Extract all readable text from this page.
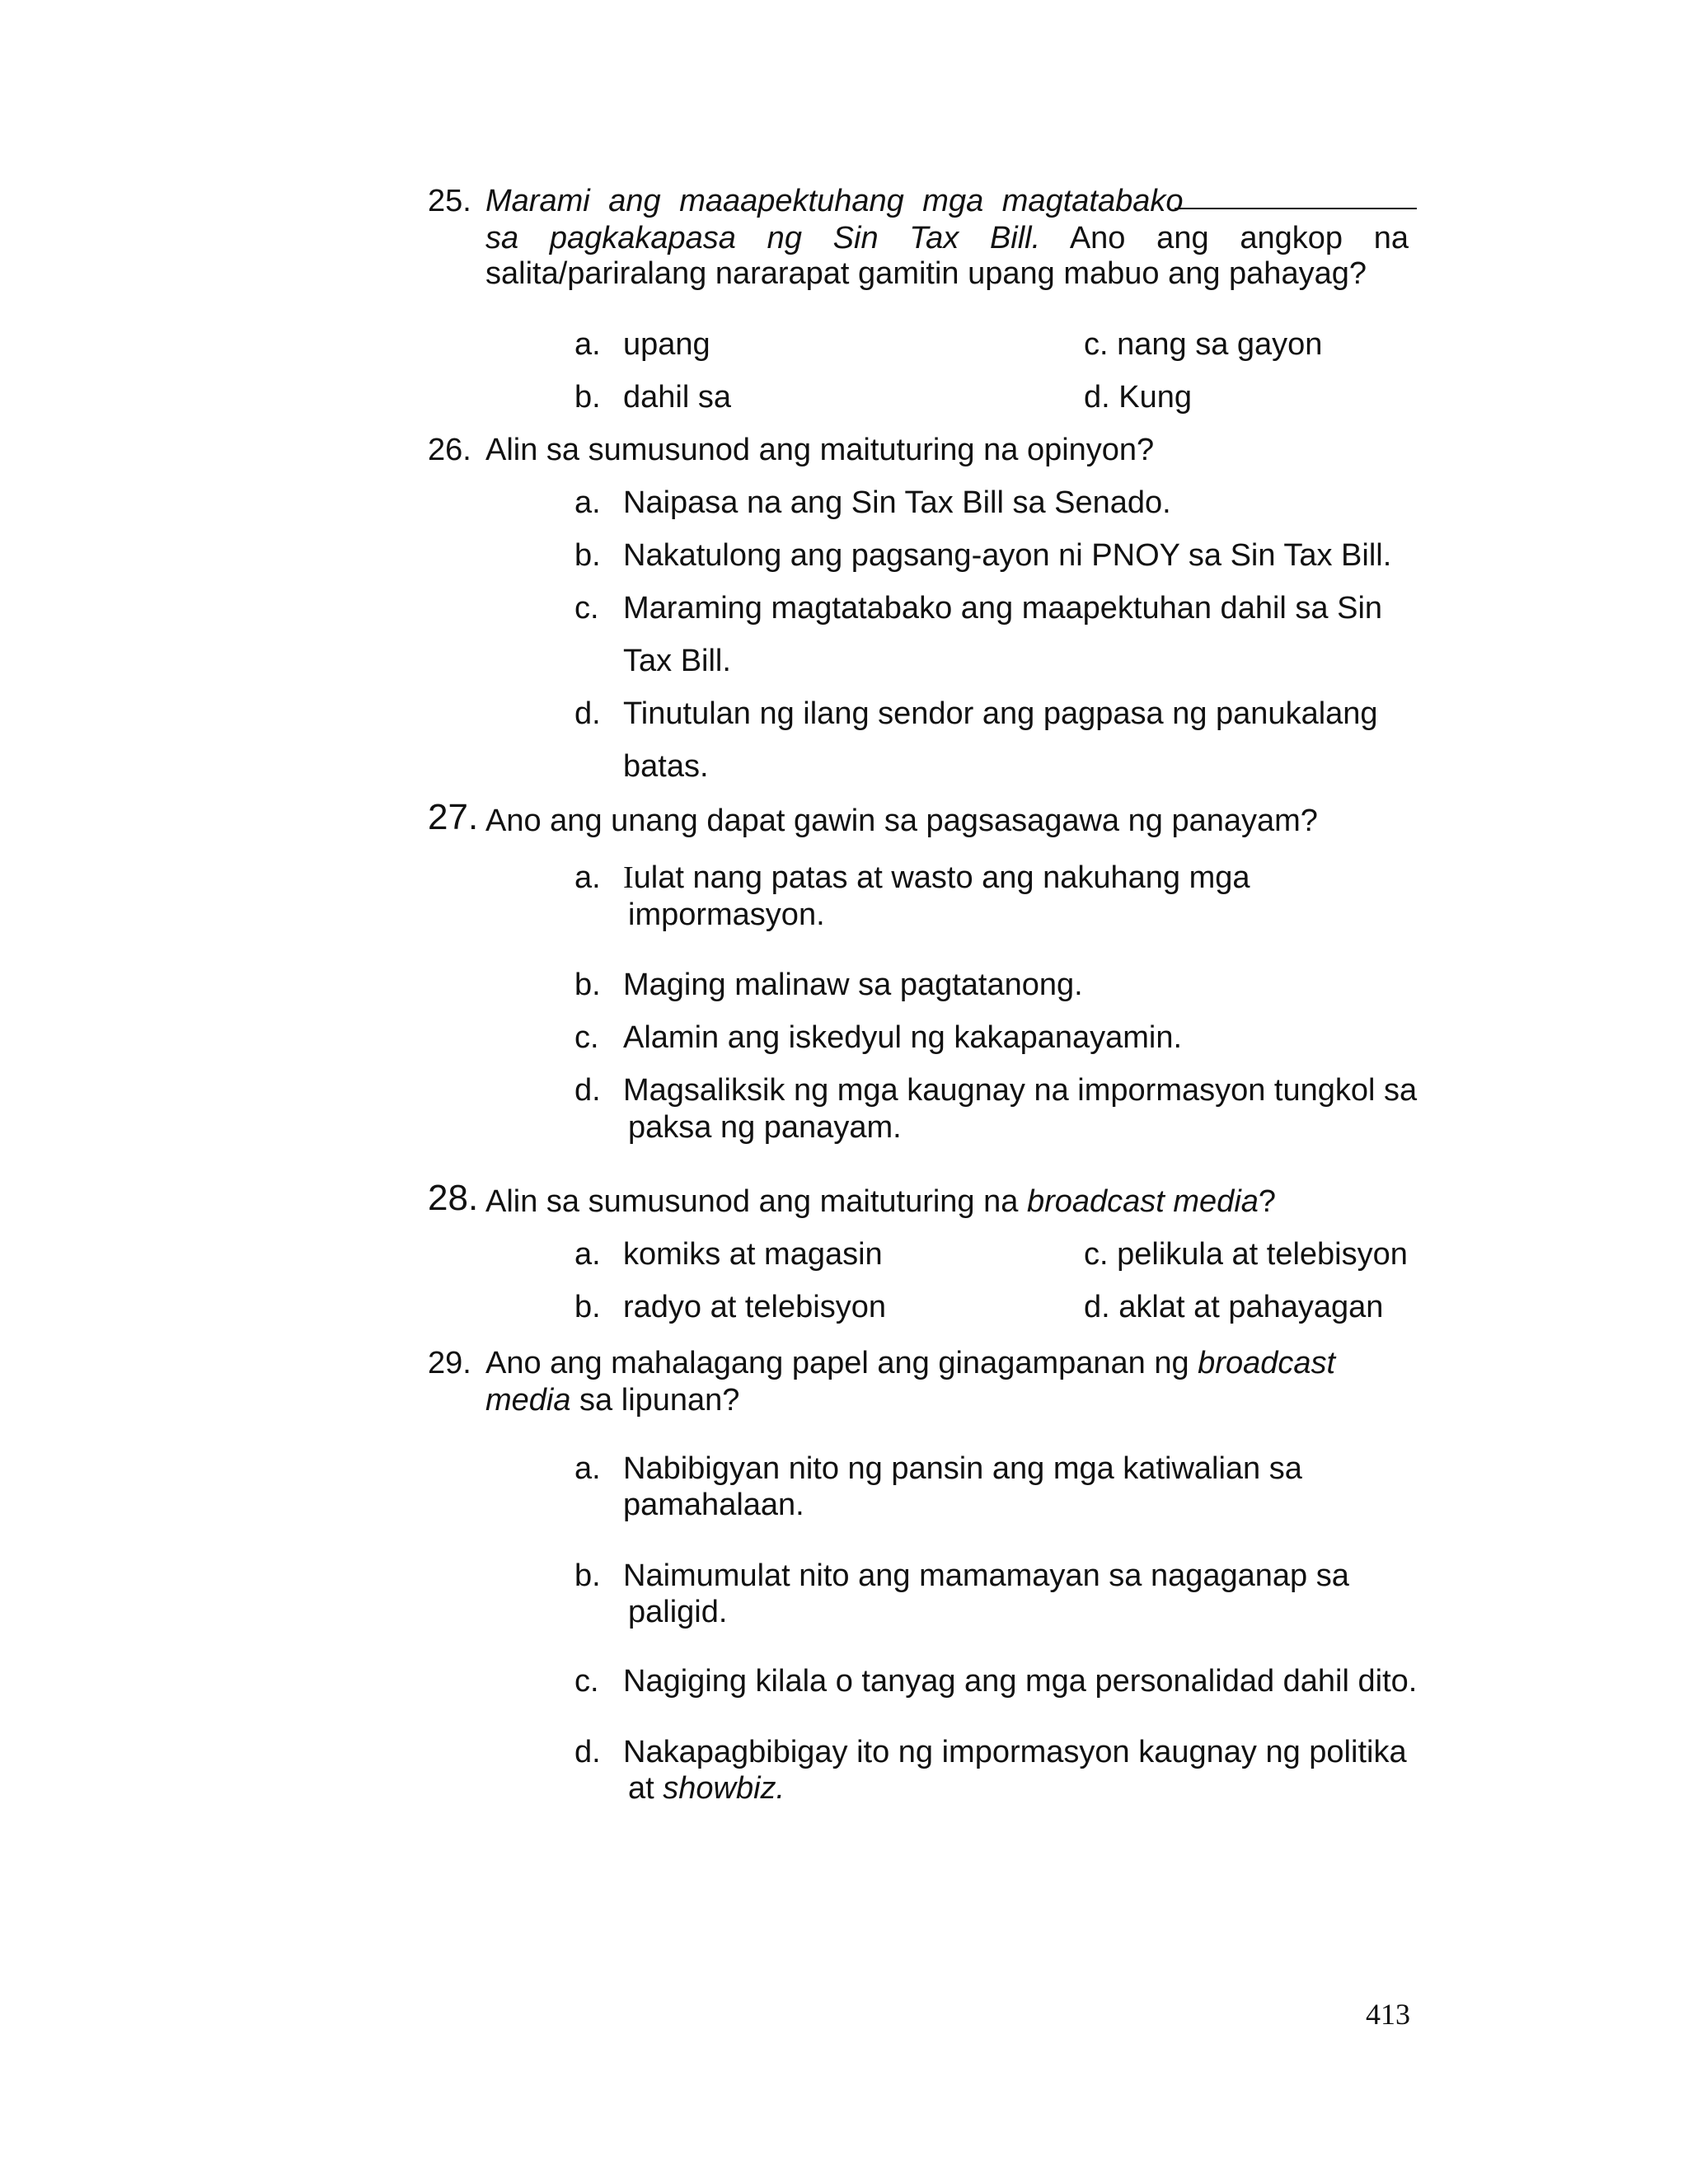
25. Marami ang maaapektuhang mga magtatabako
sa pagkakapasa ng Sin Tax Bill. Ano ang angkop na
salita/pariralang nararapat gamitin upang mabuo ang pahayag?
a. upang
b. dahil sa
c. nang sa gayon
d. Kung
26. Alin sa sumusunod ang maituturing na opinyon?
a. Naipasa na ang Sin Tax Bill sa Senado.
b. Nakatulong ang pagsang-ayon ni PNOY sa Sin Tax Bill.
c. Maraming magtatabako ang maapektuhan dahil sa Sin
Tax Bill.
d. Tinutulan ng ilang sendor ang pagpasa ng panukalang
batas.
27. Ano ang unang dapat gawin sa pagsasagawa ng panayam?
a. Iulat nang patas at wasto ang nakuhang mga
impormasyon.
b. Maging malinaw sa pagtatanong.
c. Alamin ang iskedyul ng kakapanayamin.
d. Magsaliksik ng mga kaugnay na impormasyon tungkol sa
paksa ng panayam.
28. Alin sa sumusunod ang maituturing na broadcast media?
a. komiks at magasin
b. radyo at telebisyon
c. pelikula at telebisyon
d. aklat at pahayagan
29. Ano ang mahalagang papel ang ginagampanan ng broadcast
media sa lipunan?
a. Nabibigyan nito ng pansin ang mga katiwalian sa
pamahalaan.
b. Naimumulat nito ang mamamayan sa nagaganap sa
paligid.
c. Nagiging kilala o tanyag ang mga personalidad dahil dito.
d. Nakapagbibigay ito ng impormasyon kaugnay ng politika
at showbiz.
413
